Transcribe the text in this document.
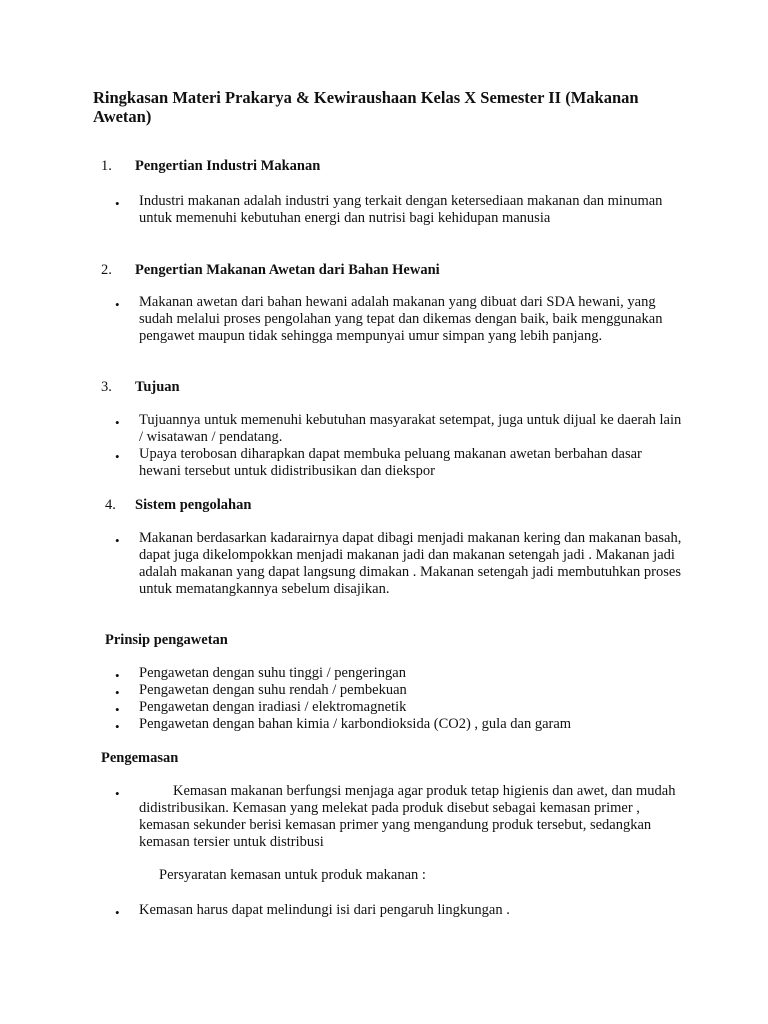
Ringkasan Materi Prakarya & Kewiraushaan Kelas X Semester II (Makanan Awetan)
1. Pengertian Industri Makanan
• Industri makanan adalah industri yang terkait dengan ketersediaan makanan dan minuman untuk memenuhi kebutuhan energi dan nutrisi bagi kehidupan manusia
2. Pengertian Makanan Awetan dari Bahan Hewani
• Makanan awetan dari bahan hewani adalah makanan yang dibuat dari SDA hewani, yang sudah melalui proses pengolahan yang tepat dan dikemas dengan baik, baik menggunakan pengawet maupun tidak sehingga mempunyai umur simpan yang lebih panjang.
3. Tujuan
• Tujuannya untuk memenuhi kebutuhan masyarakat setempat, juga untuk dijual ke daerah lain / wisatawan / pendatang.
• Upaya terobosan diharapkan dapat membuka peluang makanan awetan berbahan dasar hewani tersebut untuk didistribusikan dan diekspor
4. Sistem pengolahan
• Makanan berdasarkan kadarairnya dapat dibagi menjadi makanan kering dan makanan basah, dapat juga dikelompokkan menjadi makanan jadi dan makanan setengah jadi . Makanan jadi adalah makanan yang dapat langsung dimakan . Makanan setengah jadi membutuhkan proses untuk mematangkannya sebelum disajikan.
Prinsip pengawetan
• Pengawetan dengan suhu tinggi / pengeringan
• Pengawetan dengan suhu rendah / pembekuan
• Pengawetan dengan iradiasi / elektromagnetik
• Pengawetan dengan bahan kimia / karbondioksida (CO2) , gula dan garam
Pengemasan
•	Kemasan makanan berfungsi menjaga agar produk tetap higienis dan awet, dan mudah didistribusikan. Kemasan yang melekat pada produk disebut sebagai kemasan primer , kemasan sekunder berisi kemasan primer yang mengandung produk tersebut, sedangkan kemasan tersier untuk distribusi
Persyaratan kemasan untuk produk makanan :
• Kemasan harus dapat melindungi isi dari pengaruh lingkungan .
